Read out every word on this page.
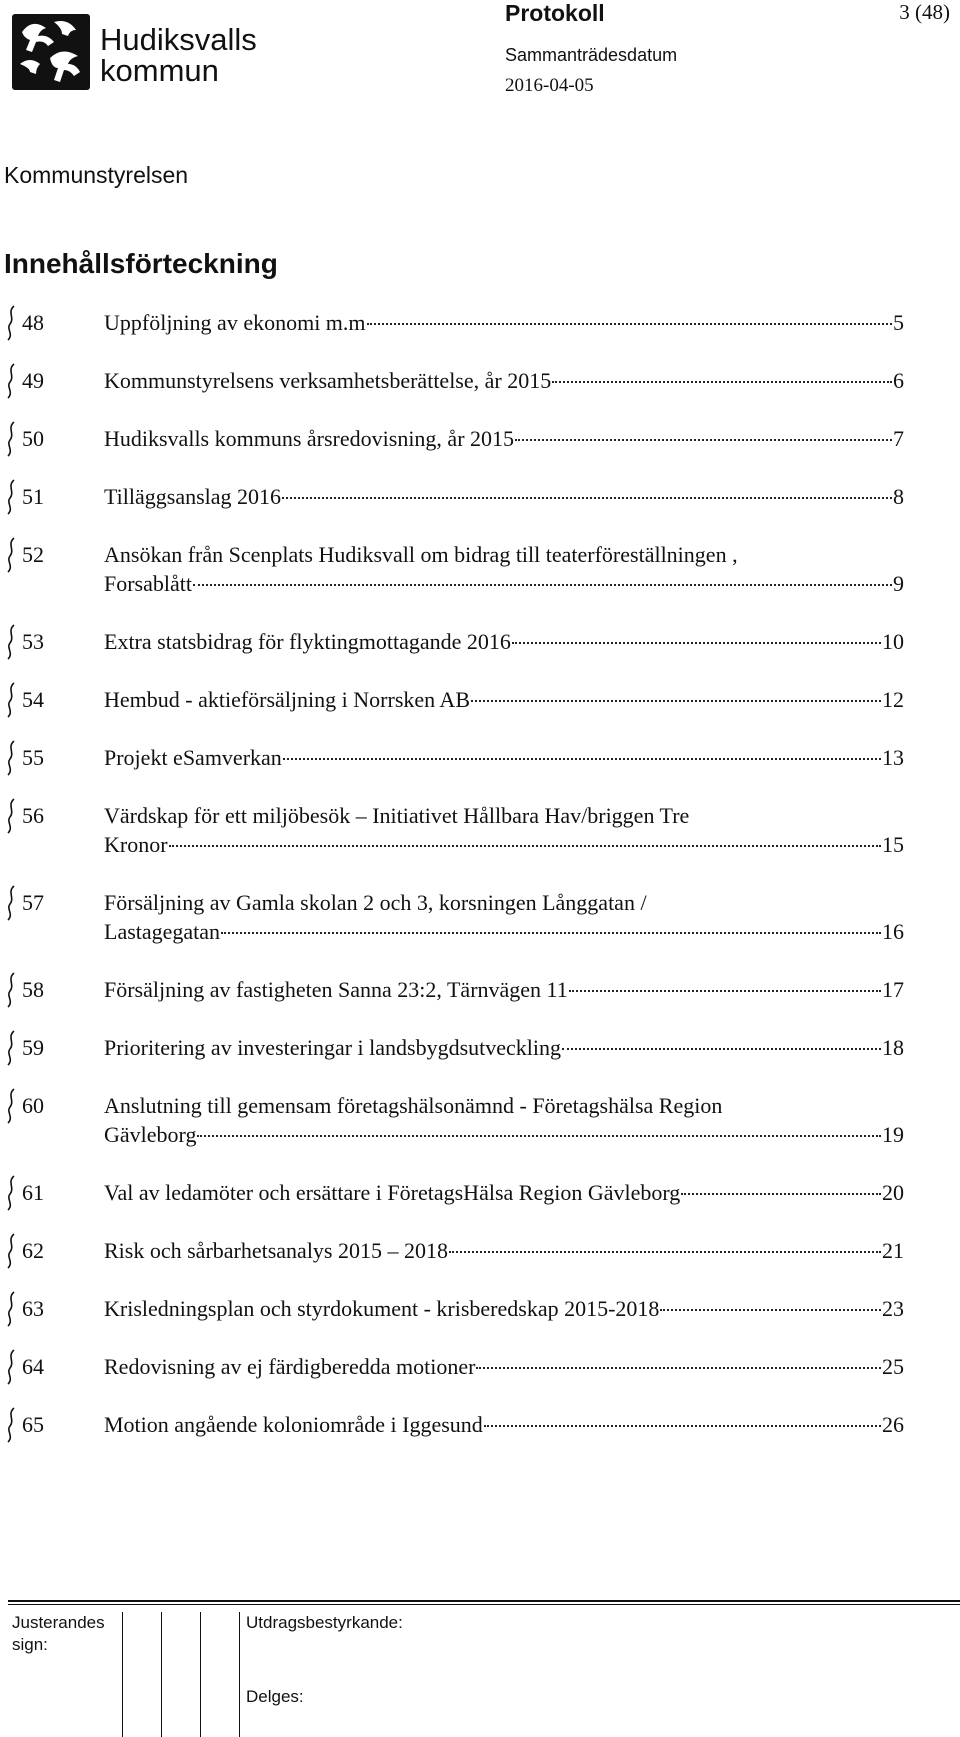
Hudiksvalls
kommun
Protokoll	3 (48)
Sammanträdesdatum
2016-04-05
Kommunstyrelsen
Innehållsförteckning
48	Uppföljning av ekonomi m.m	5
49	Kommunstyrelsens verksamhetsberättelse, år 2015	6
50	Hudiksvalls kommuns årsredovisning, år 2015	7
51	Tilläggsanslag 2016	8
52	Ansökan från Scenplats Hudiksvall om bidrag till teaterföreställningen ,
Forsablått	9
53	Extra statsbidrag för flyktingmottagande 2016	10
54	Hembud - aktieförsäljning i Norrsken AB	12
55	Projekt eSamverkan	13
56	Värdskap för ett miljöbesök – Initiativet Hållbara Hav/briggen Tre
Kronor	15
57	Försäljning av Gamla skolan 2 och 3, korsningen Långgatan /
Lastagegatan	16
58	Försäljning av fastigheten Sanna 23:2, Tärnvägen 11	17
59	Prioritering av investeringar i landsbygdsutveckling	18
60	Anslutning till gemensam företagshälsonämnd - Företagshälsa Region
Gävleborg	19
61	Val av ledamöter och ersättare i FöretagsHälsa Region Gävleborg	20
62	Risk och sårbarhetsanalys 2015 – 2018	21
63	Krisledningsplan och styrdokument - krisberedskap 2015-2018	23
64	Redovisning av ej färdigberedda motioner	25
65	Motion angående koloniområde i Iggesund	26
Justerandes
sign:
Utdragsbestyrkande:
Delges:
